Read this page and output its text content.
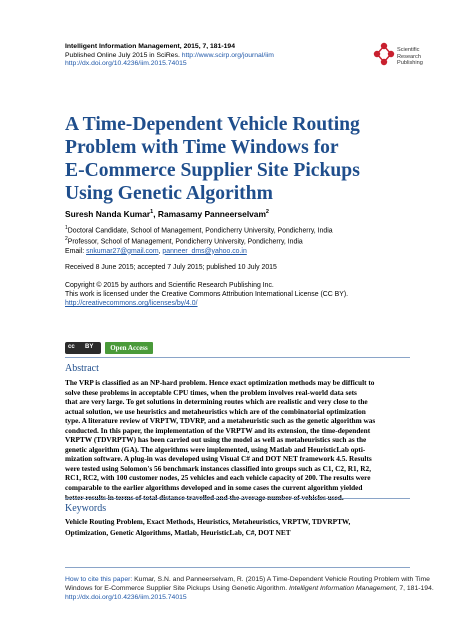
Intelligent Information Management, 2015, 7, 181-194
Published Online July 2015 in SciRes. http://www.scirp.org/journal/iim
http://dx.doi.org/10.4236/iim.2015.74015
Scientific
Research
Publishing
A Time-Dependent Vehicle Routing
Problem with Time Windows for
E-Commerce Supplier Site Pickups
Using Genetic Algorithm
Suresh Nanda Kumar$^1$, Ramasamy Panneerselvam$^2$
$^1$Doctoral Candidate, School of Management, Pondicherry University, Pondicherry, India
$^2$Professor, School of Management, Pondicherry University, Pondicherry, India
Email: snkumar27@gmail.com, panneer_dms@yahoo.co.in
Received 8 June 2015; accepted 7 July 2015; published 10 July 2015
Copyright © 2015 by authors and Scientific Research Publishing Inc.
This work is licensed under the Creative Commons Attribution International License (CC BY).
http://creativecommons.org/licenses/by/4.0/
cc BY	Open Access
Abstract
The VRP is classified as an NP-hard problem. Hence exact optimization methods may be difficult to
solve these problems in acceptable CPU times, when the problem involves real-world data sets
that are very large. To get solutions in determining routes which are realistic and very close to the
actual solution, we use heuristics and metaheuristics which are of the combinatorial optimization
type. A literature review of VRPTW, TDVRP, and a metaheuristic such as the genetic algorithm was
conducted. In this paper, the implementation of the VRPTW and its extension, the time-dependent
VRPTW (TDVRPTW) has been carried out using the model as well as metaheuristics such as the
genetic algorithm (GA). The algorithms were implemented, using Matlab and HeuristicLab opti-
mization software. A plug-in was developed using Visual C# and DOT NET framework 4.5. Results
were tested using Solomon's 56 benchmark instances classified into groups such as C1, C2, R1, R2,
RC1, RC2, with 100 customer nodes, 25 vehicles and each vehicle capacity of 200. The results were
comparable to the earlier algorithms developed and in some cases the current algorithm yielded
Keywords
Vehicle Routing Problem, Exact Methods, Heuristics, Metaheuristics, VRPTW, TDVRPTW,
Optimization, Genetic Algorithms, Matlab, HeuristicLab, C#, DOT NET
How to cite this paper: Kumar, S.N. and Panneerselvam, R. (2015) A Time-Dependent Vehicle Routing Problem with Time
Windows for E-Commerce Supplier Site Pickups Using Genetic Algorithm. Intelligent Information Management, 7, 181-194.
http://dx.doi.org/10.4236/iim.2015.74015
